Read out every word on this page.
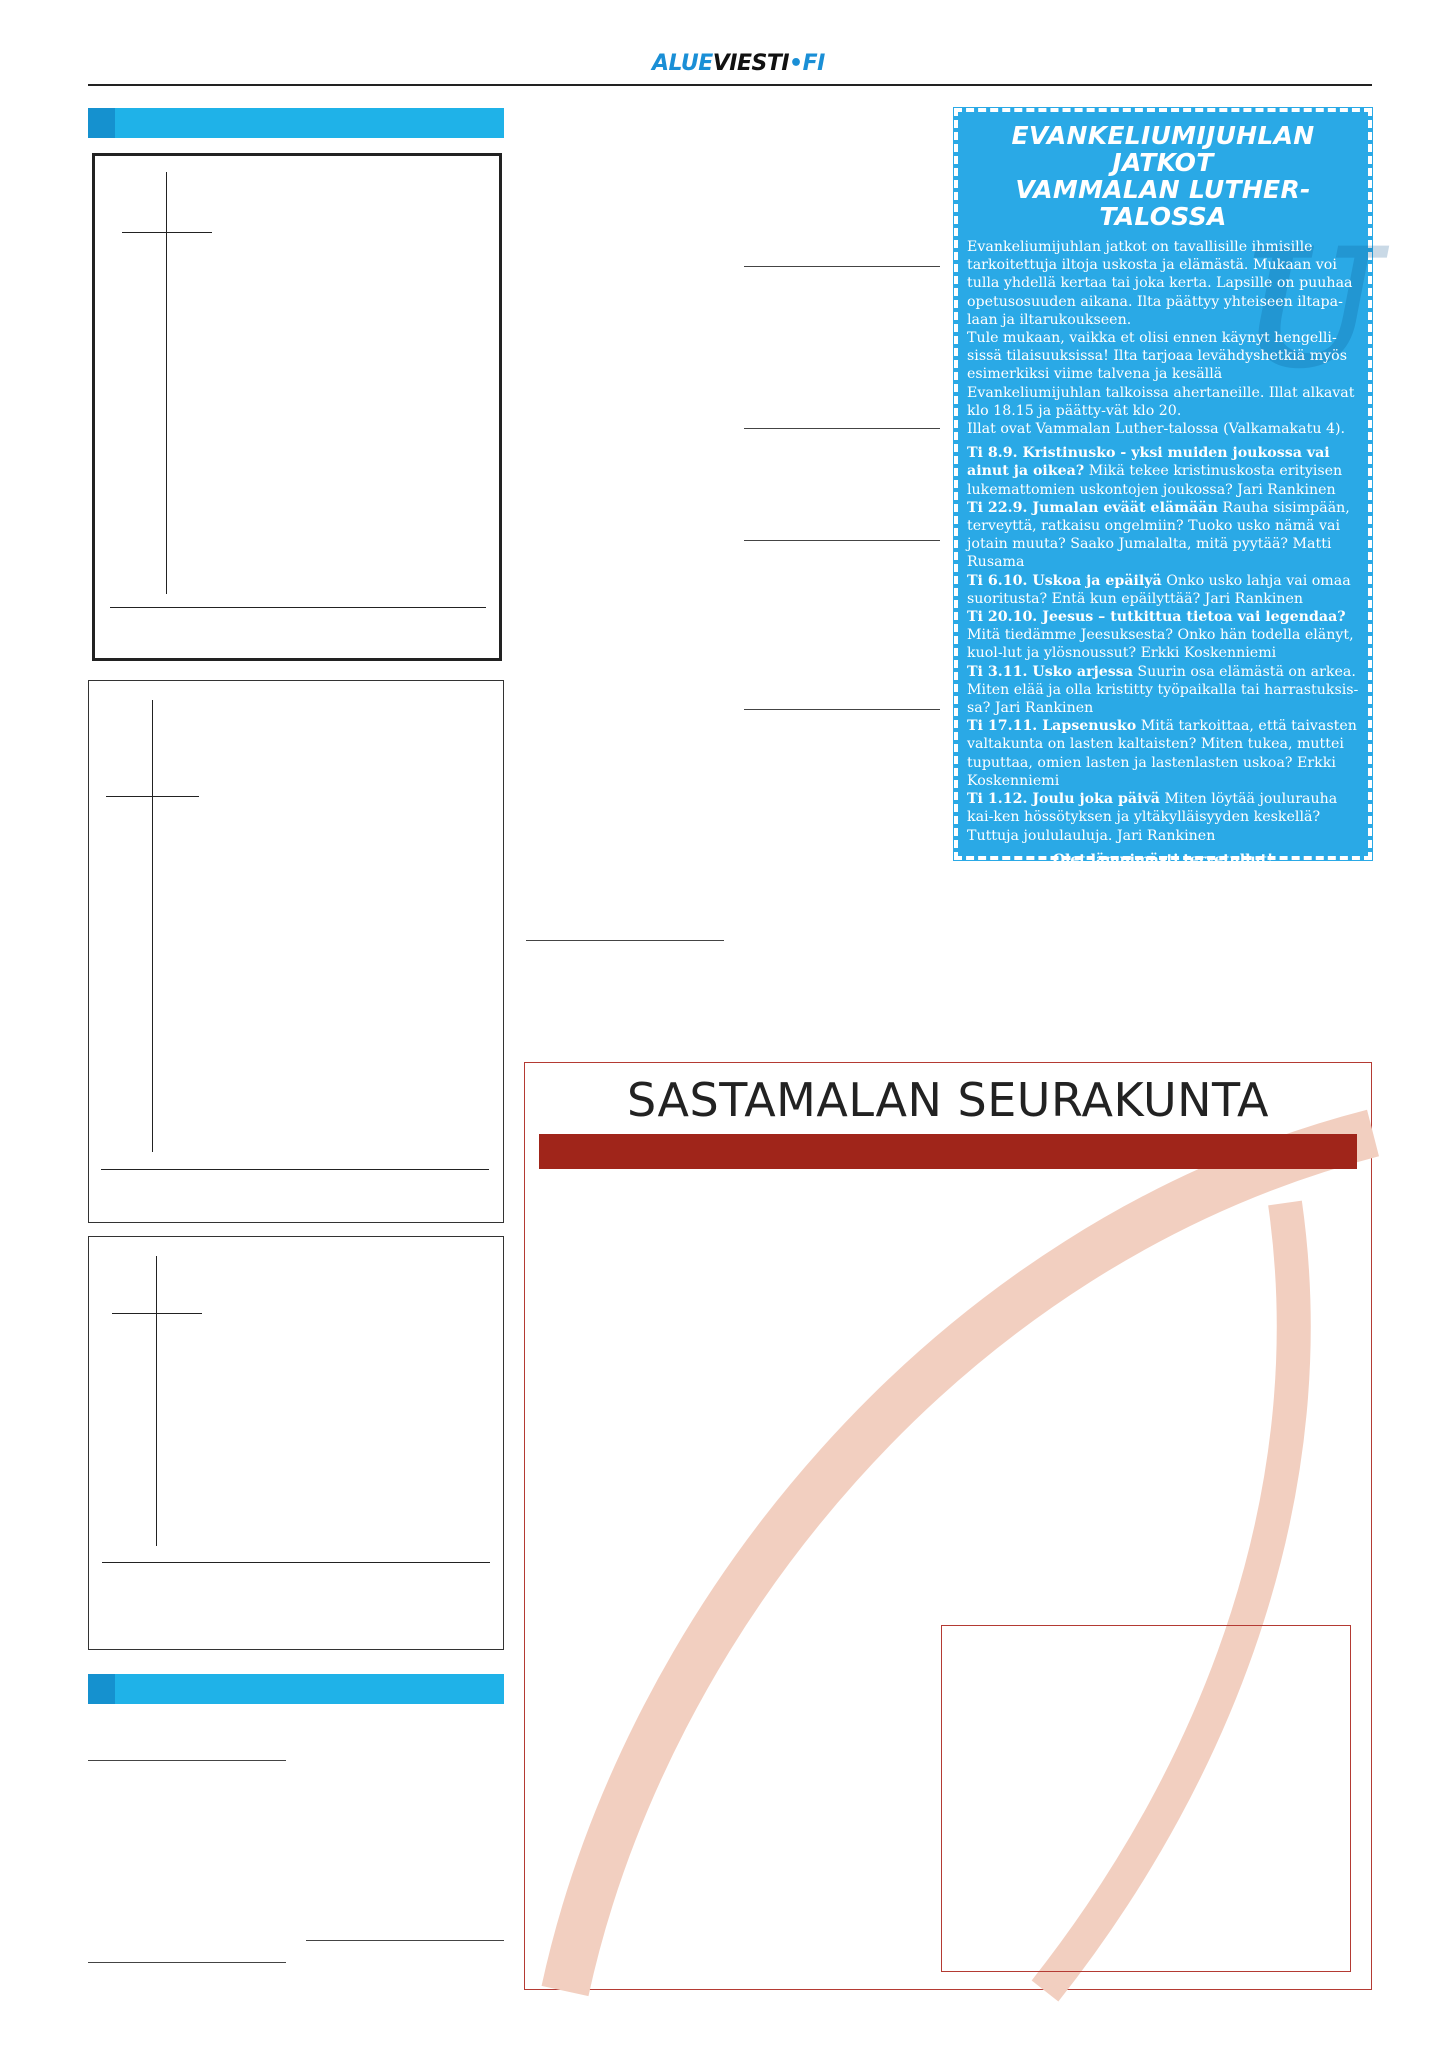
ALUEVIESTI•FI
ᴜ
EVANKELIUMIJUHLAN JATKOT
VAMMALAN LUTHER-TALOSSA

Evankeliumijuhlan jatkot on tavallisille ihmisille tarkoitettuja iltoja uskosta ja elämästä. Mukaan voi tulla yhdellä kertaa tai joka kerta. Lapsille on puuhaa opetusosuuden aikana. Ilta päättyy yhteiseen iltapa-laan ja iltarukoukseen.

Tule mukaan, vaikka et olisi ennen käynyt hengelli-sissä tilaisuuksissa! Ilta tarjoaa levähdyshetkiä myös esimerkiksi viime talvena ja kesällä Evankeliumijuhlan talkoissa ahertaneille. Illat alkavat klo 18.15 ja päätty-vät klo 20.

Illat ovat Vammalan Luther-talossa (Valkamakatu 4).

Ti 8.9. Kristinusko - yksi muiden joukossa vai ainut ja oikea? Mikä tekee kristinuskosta erityisen lukemattomien uskontojen joukossa? Jari Rankinen

Ti 22.9. Jumalan eväät elämään Rauha sisimpään, terveyttä, ratkaisu ongelmiin? Tuoko usko nämä vai jotain muuta? Saako Jumalalta, mitä pyytää? Matti Rusama

Ti 6.10. Uskoa ja epäilyä Onko usko lahja vai omaa suoritusta? Entä kun epäilyttää? Jari Rankinen

Ti 20.10. Jeesus – tutkittua tietoa vai legendaa? Mitä tiedämme Jeesuksesta? Onko hän todella elänyt, kuol-lut ja ylösnoussut? Erkki Koskenniemi

Ti 3.11. Usko arjessa Suurin osa elämästä on arkea. Miten elää ja olla kristitty työpaikalla tai harrastuksis-sa? Jari Rankinen

Ti 17.11. Lapsenusko Mitä tarkoittaa, että taivasten valtakunta on lasten kaltaisten? Miten tukea, muttei tuputtaa, omien lasten ja lastenlasten uskoa? Erkki Koskenniemi

Ti 1.12. Joulu joka päivä Miten löytää joulurauha kai-ken hössötyksen ja yltäkylläisyyden keskellä? Tuttuja joululauluja. Jari Rankinen

Olet lämpimästi tervetullut!
Suomen Luterilainen Evankeliumiyhdistys
SASTAMALAN SEURAKUNTA
